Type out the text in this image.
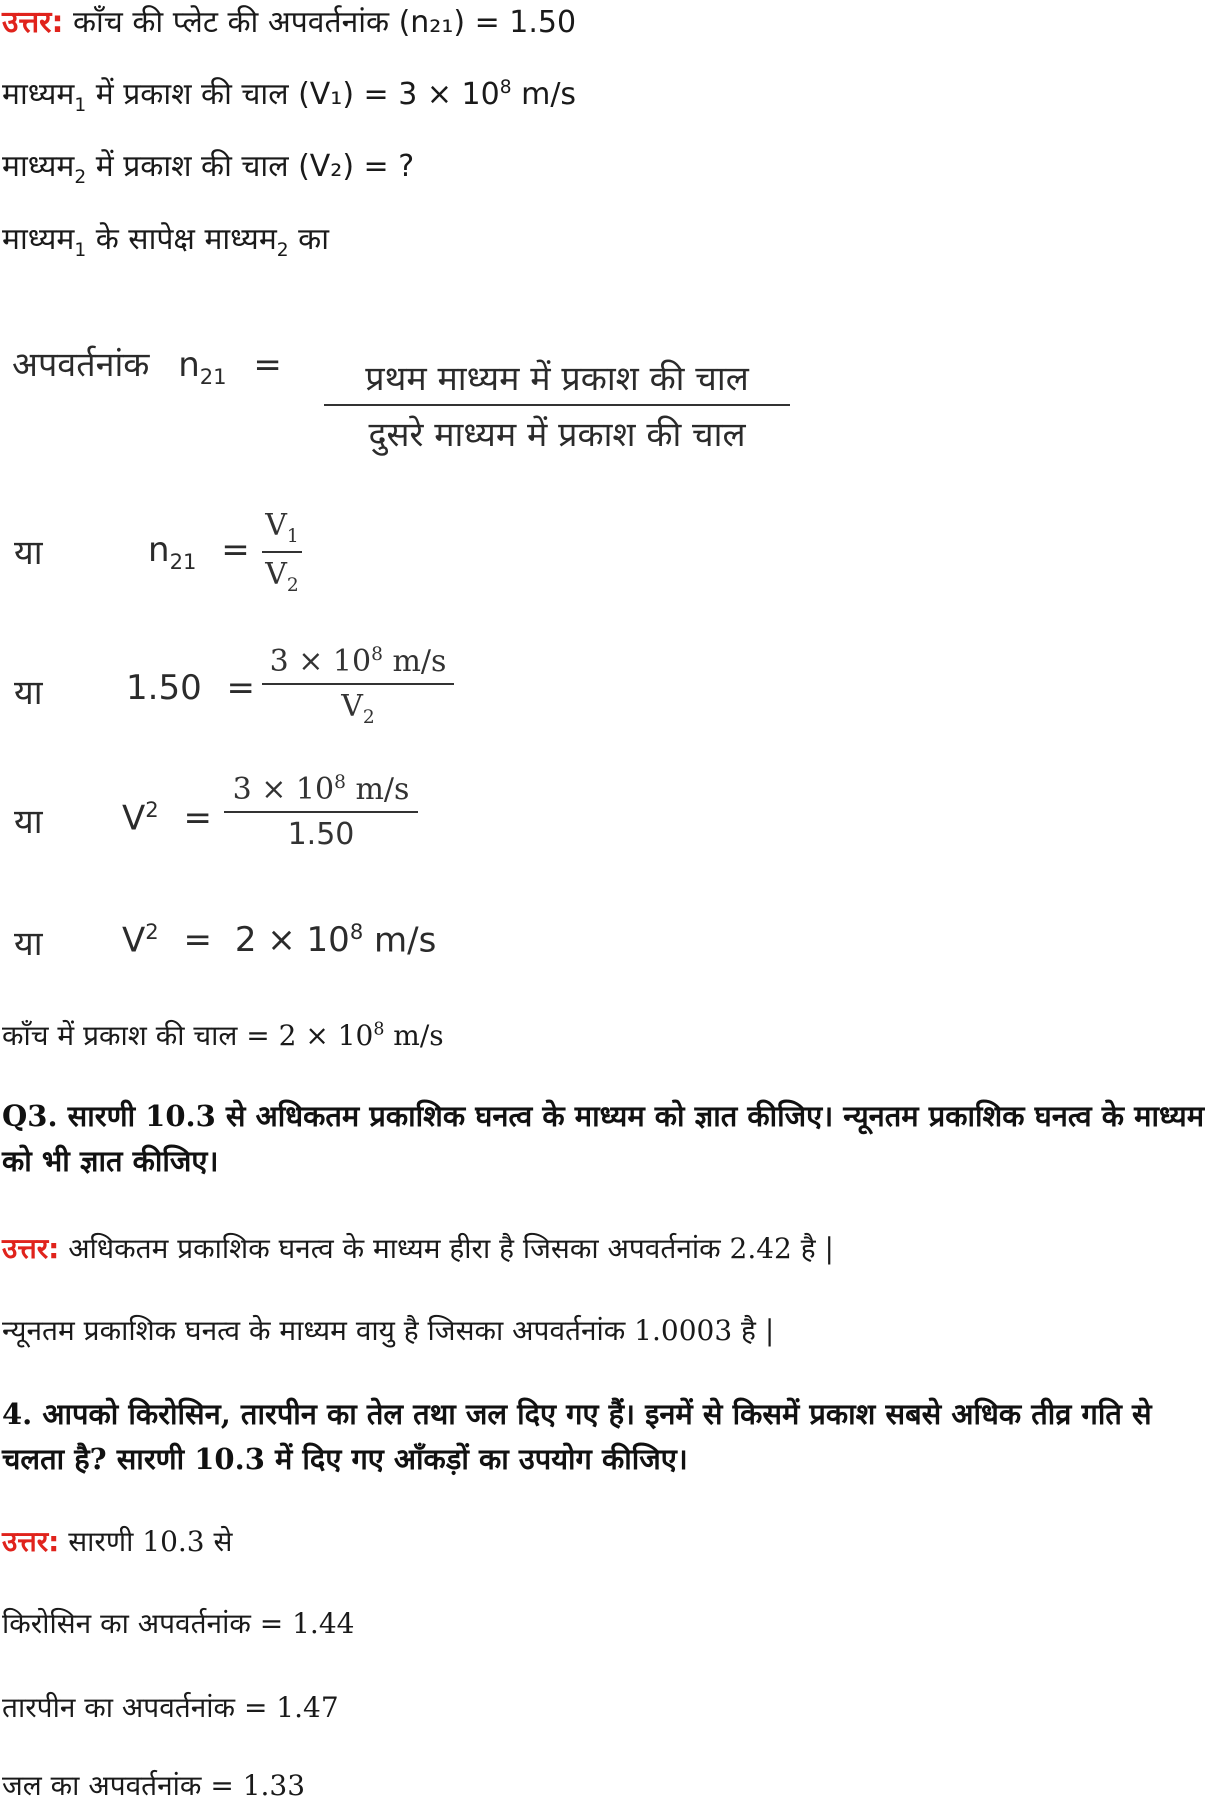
उत्तर: काँच की प्लेट की अपवर्तनांक (n₂₁) = 1.50
माध्यम$_1$ में प्रकाश की चाल $(V_1) = 3 \times 10^8$ m/s
माध्यम$_2$ में प्रकाश की चाल (V₂) = ?
माध्यम$_1$ के सापेक्ष माध्यम$_2$ का
अपवर्तनांक $n_{21}$ =	प्रथम माध्यम में प्रकाश की चाल
दुसरे माध्यम में प्रकाश की चाल
या	$n_{21}$ =
$V_1$
$V_2$
या 1.50 =
$3 \times 10^8$ m/s
$V_2$
या $V^2$ =
$3 \times 10^8$ m/s
1.50
या $V^2 = 2 \times 10^8$ m/s
काँच में प्रकाश की चाल = $2 \times 10^8$ m/s
Q3. सारणी 10.3 से अधिकतम प्रकाशिक घनत्व के माध्यम को ज्ञात कीजिए। न्यूनतम प्रकाशिक घनत्व के माध्यम को भी ज्ञात कीजिए।
उत्तर: अधिकतम प्रकाशिक घनत्व के माध्यम हीरा है जिसका अपवर्तनांक 2.42 है |
न्यूनतम प्रकाशिक घनत्व के माध्यम वायु है जिसका अपवर्तनांक 1.0003 है |
4. आपको किरोसिन, तारपीन का तेल तथा जल दिए गए हैं। इनमें से किसमें प्रकाश सबसे अधिक तीव्र गति से चलता है? सारणी 10.3 में दिए गए आँकड़ों का उपयोग कीजिए।
उत्तर: सारणी 10.3 से
किरोसिन का अपवर्तनांक = 1.44
तारपीन का अपवर्तनांक = 1.47
जल का अपवर्तनांक = 1.33
